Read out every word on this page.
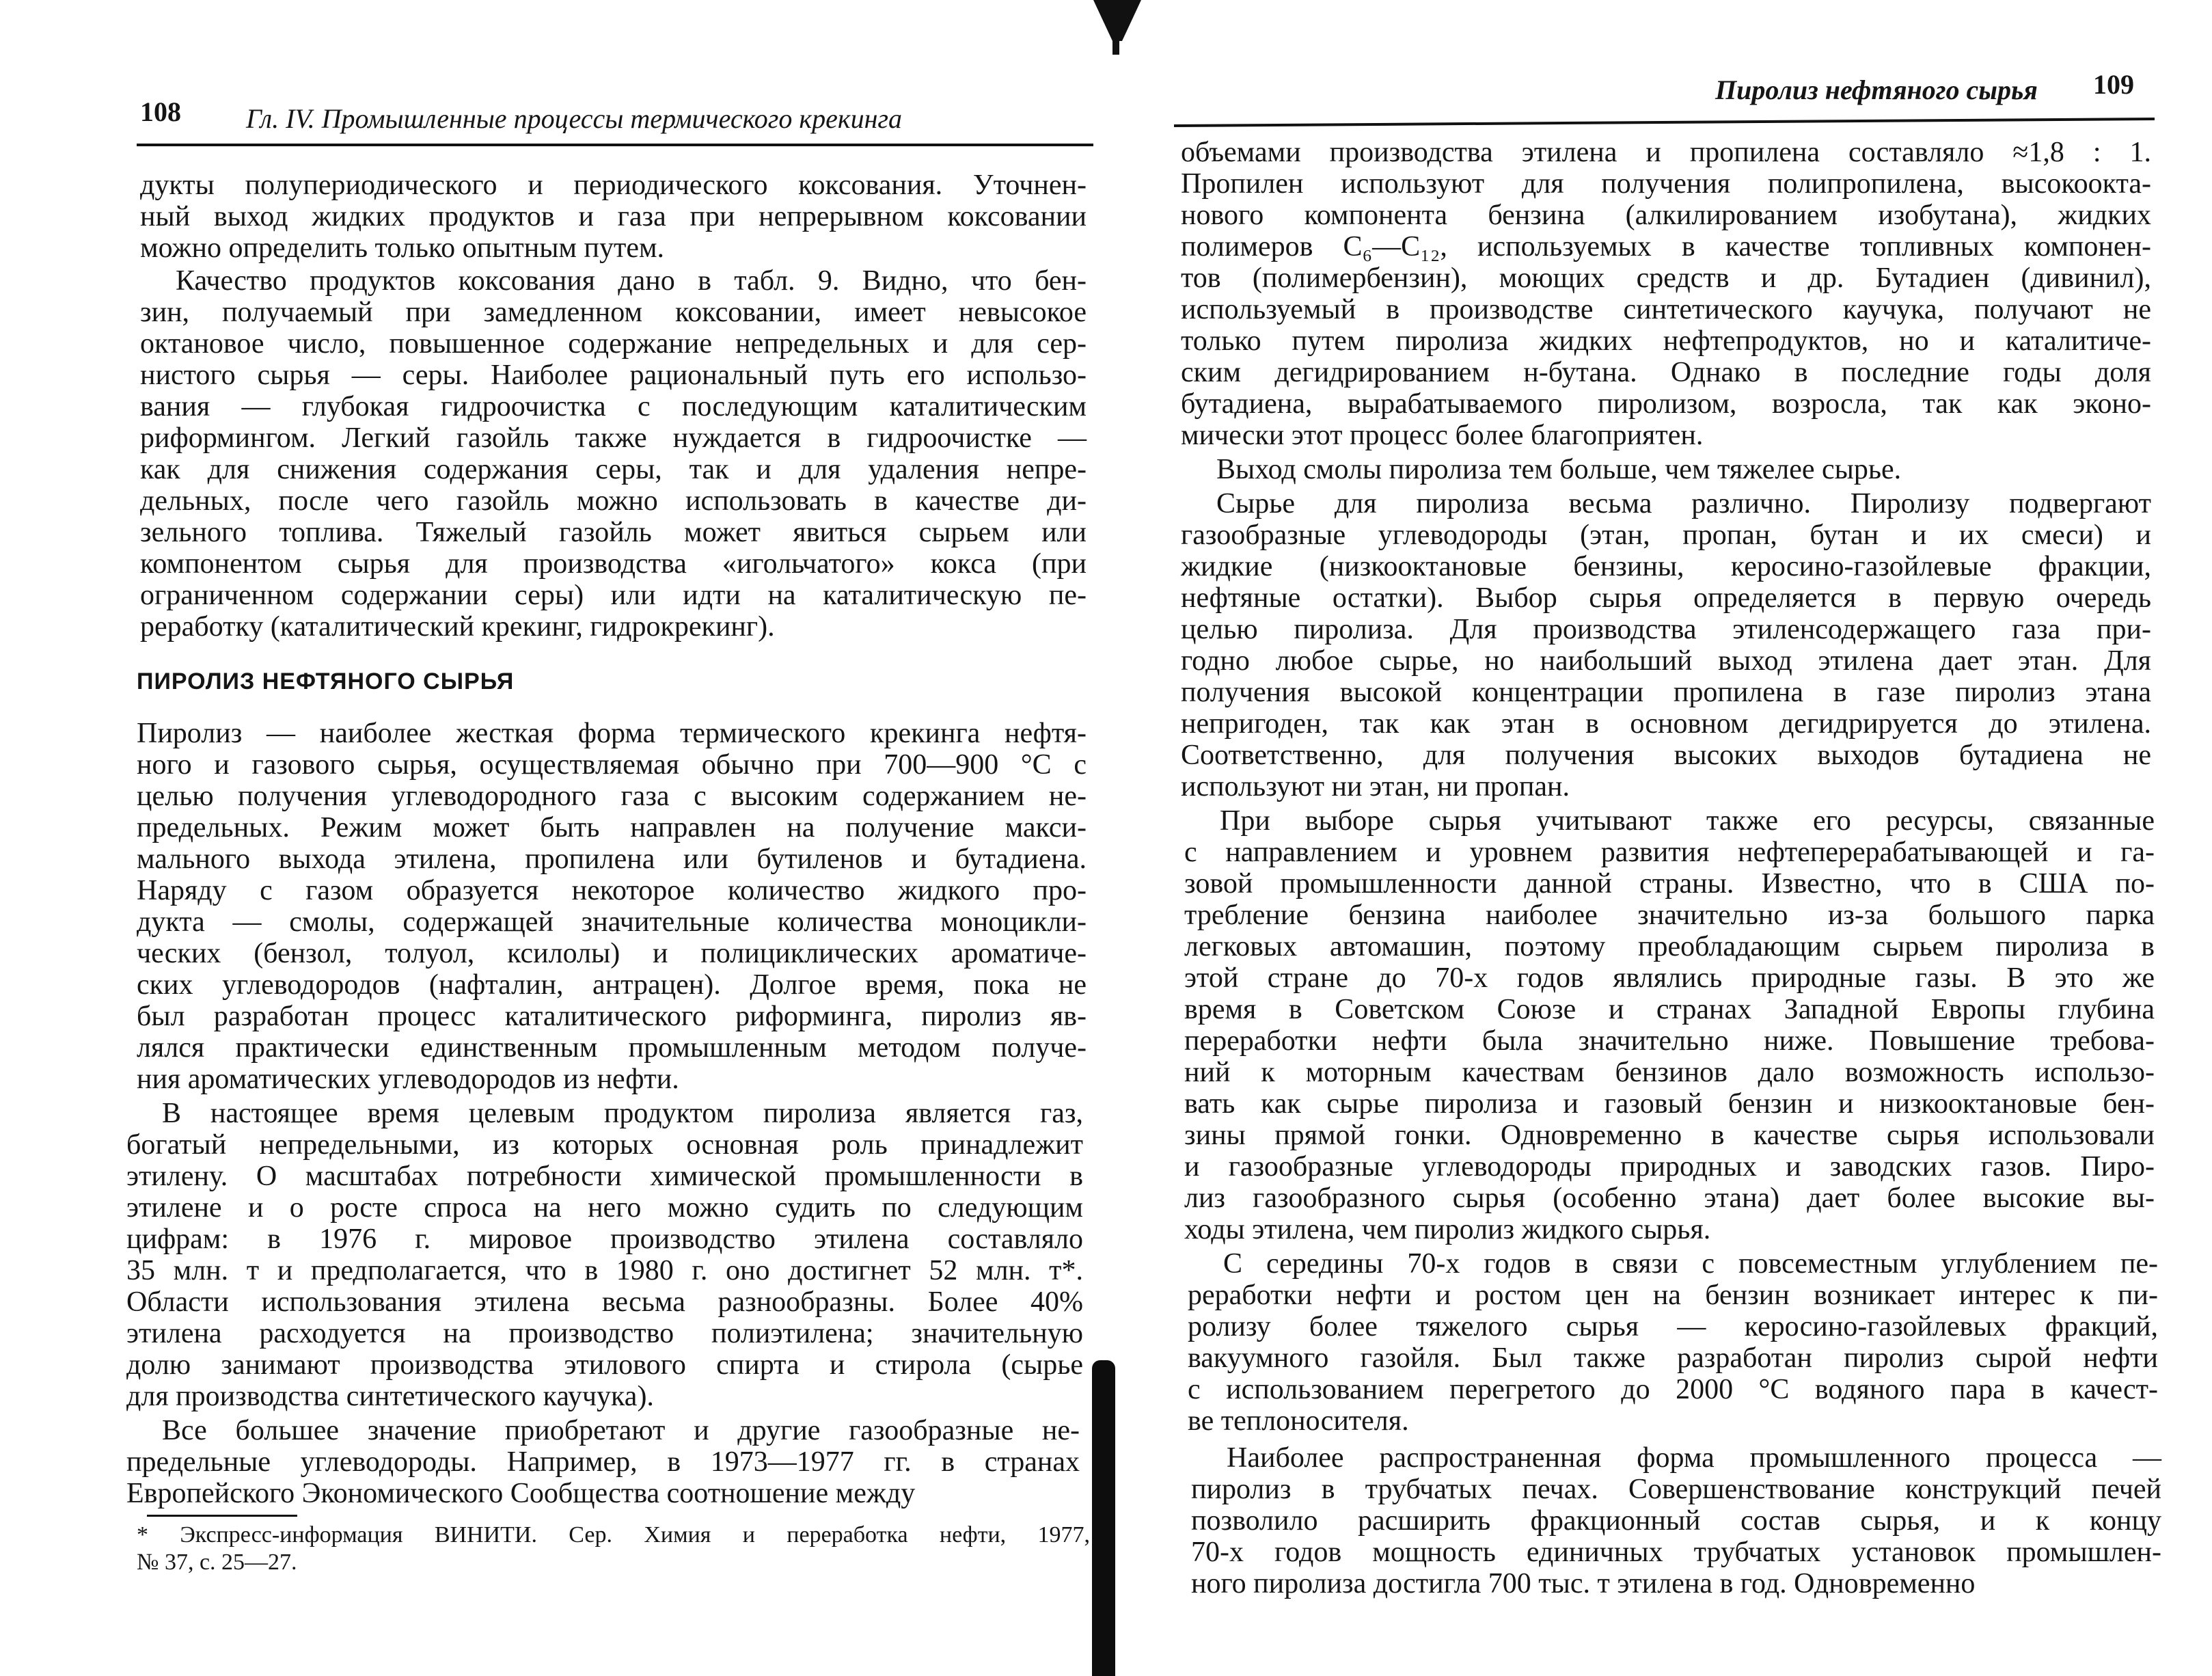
108 Гл. IV. Промышленные процессы термического крекинга
дукты полупериодического и периодического коксования. Уточнен-
ный выход жидких продуктов и газа при непрерывном коксовании
можно определить только опытным путем.
Качество продуктов коксования дано в табл. 9. Видно, что бен-
зин, получаемый при замедленном коксовании, имеет невысокое
октановое число, повышенное содержание непредельных и для сер-
нистого сырья — серы. Наиболее рациональный путь его использо-
вания — глубокая гидроочистка с последующим каталитическим
риформингом. Легкий газойль также нуждается в гидроочистке —
как для снижения содержания серы, так и для удаления непре-
дельных, после чего газойль можно использовать в качестве ди-
зельного топлива. Тяжелый газойль может явиться сырьем или
компонентом сырья для производства «игольчатого» кокса (при
ограниченном содержании серы) или идти на каталитическую пе-
реработку (каталитический крекинг, гидрокрекинг).
ПИРОЛИЗ НЕФТЯНОГО СЫРЬЯ
Пиролиз — наиболее жесткая форма термического крекинга нефтя-
ного и газового сырья, осуществляемая обычно при 700—900 °С с
целью получения углеводородного газа с высоким содержанием не-
предельных. Режим может быть направлен на получение макси-
мального выхода этилена, пропилена или бутиленов и бутадиена.
Наряду с газом образуется некоторое количество жидкого про-
дукта — смолы, содержащей значительные количества моноцикли-
ческих (бензол, толуол, ксилолы) и полициклических ароматиче-
ских углеводородов (нафталин, антрацен). Долгое время, пока не
был разработан процесс каталитического риформинга, пиролиз яв-
лялся практически единственным промышленным методом получе-
ния ароматических углеводородов из нефти.
В настоящее время целевым продуктом пиролиза является газ,
богатый непредельными, из которых основная роль принадлежит
этилену. О масштабах потребности химической промышленности в
этилене и о росте спроса на него можно судить по следующим
цифрам: в 1976 г. мировое производство этилена составляло
35 млн. т и предполагается, что в 1980 г. оно достигнет 52 млн. т*.
Области использования этилена весьма разнообразны. Более 40%
этилена расходуется на производство полиэтилена; значительную
долю занимают производства этилового спирта и стирола (сырье
для производства синтетического каучука).
Все большее значение приобретают и другие газообразные не-
предельные углеводороды. Например, в 1973—1977 гг. в странах
Европейского Экономического Сообщества соотношение между
* Экспресс-информация ВИНИТИ. Сер. Химия и переработка нефти, 1977,
№ 37, с. 25—27.
Пиролиз нефтяного сырья 109
объемами производства этилена и пропилена составляло ≈1,8 : 1.
Пропилен используют для получения полипропилена, высокоокта-
нового компонента бензина (алкилированием изобутана), жидких
полимеров C₆—C₁₂, используемых в качестве топливных компонен-
тов (полимербензин), моющих средств и др. Бутадиен (дивинил),
используемый в производстве синтетического каучука, получают не
только путем пиролиза жидких нефтепродуктов, но и каталитиче-
ским дегидрированием н-бутана. Однако в последние годы доля
бутадиена, вырабатываемого пиролизом, возросла, так как эконо-
мически этот процесс более благоприятен.
Выход смолы пиролиза тем больше, чем тяжелее сырье.
Сырье для пиролиза весьма различно. Пиролизу подвергают
газообразные углеводороды (этан, пропан, бутан и их смеси) и
жидкие (низкооктановые бензины, керосино-газойлевые фракции,
нефтяные остатки). Выбор сырья определяется в первую очередь
целью пиролиза. Для производства этиленсодержащего газа при-
годно любое сырье, но наибольший выход этилена дает этан. Для
получения высокой концентрации пропилена в газе пиролиз этана
непригоден, так как этан в основном дегидрируется до этилена.
Соответственно, для получения высоких выходов бутадиена не
используют ни этан, ни пропан.
При выборе сырья учитывают также его ресурсы, связанные
с направлением и уровнем развития нефтеперерабатывающей и га-
зовой промышленности данной страны. Известно, что в США по-
требление бензина наиболее значительно из-за большого парка
легковых автомашин, поэтому преобладающим сырьем пиролиза в
этой стране до 70-х годов являлись природные газы. В это же
время в Советском Союзе и странах Западной Европы глубина
переработки нефти была значительно ниже. Повышение требова-
ний к моторным качествам бензинов дало возможность использо-
вать как сырье пиролиза и газовый бензин и низкооктановые бен-
зины прямой гонки. Одновременно в качестве сырья использовали
и газообразные углеводороды природных и заводских газов. Пиро-
лиз газообразного сырья (особенно этана) дает более высокие вы-
ходы этилена, чем пиролиз жидкого сырья.
С середины 70-х годов в связи с повсеместным углублением пе-
реработки нефти и ростом цен на бензин возникает интерес к пи-
ролизу более тяжелого сырья — керосино-газойлевых фракций,
вакуумного газойля. Был также разработан пиролиз сырой нефти
с использованием перегретого до 2000 °С водяного пара в качест-
ве теплоносителя.
Наиболее распространенная форма промышленного процесса —
пиролиз в трубчатых печах. Совершенствование конструкций печей
позволило расширить фракционный состав сырья, и к концу
70-х годов мощность единичных трубчатых установок промышлен-
ного пиролиза достигла 700 тыс. т этилена в год. Одновременно
